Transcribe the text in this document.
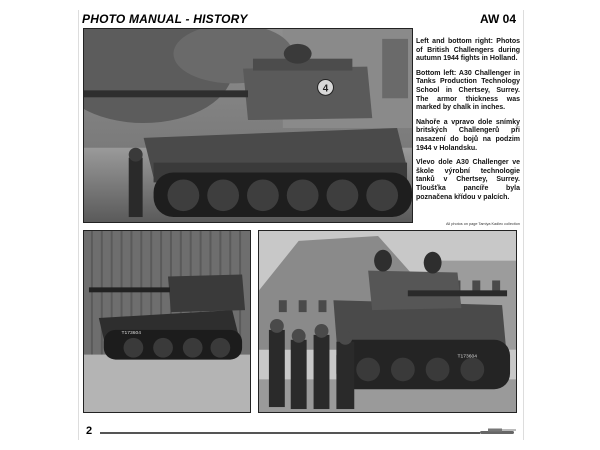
PHOTO MANUAL - HISTORY	AW 04
4

Left and bottom right: Photos of British Challengers during autumn 1944 fights in Holland.

Bottom left: A30 Challenger in Tanks Production Technology School in Chertsey, Surrey. The armor thickness was marked by chalk in inches.

Nahoře a vpravo dole snímky britských Challengerů při nasazení do bojů na podzim 1944 v Holandsku.

Vlevo dole A30 Challenger ve škole výrobní technologie tanků v Chertsey, Surrey. Tloušťka pancíře byla poznačena křídou v palcích.

All photos on page Tamiya Kadlec collection
T173604
T173604
2
